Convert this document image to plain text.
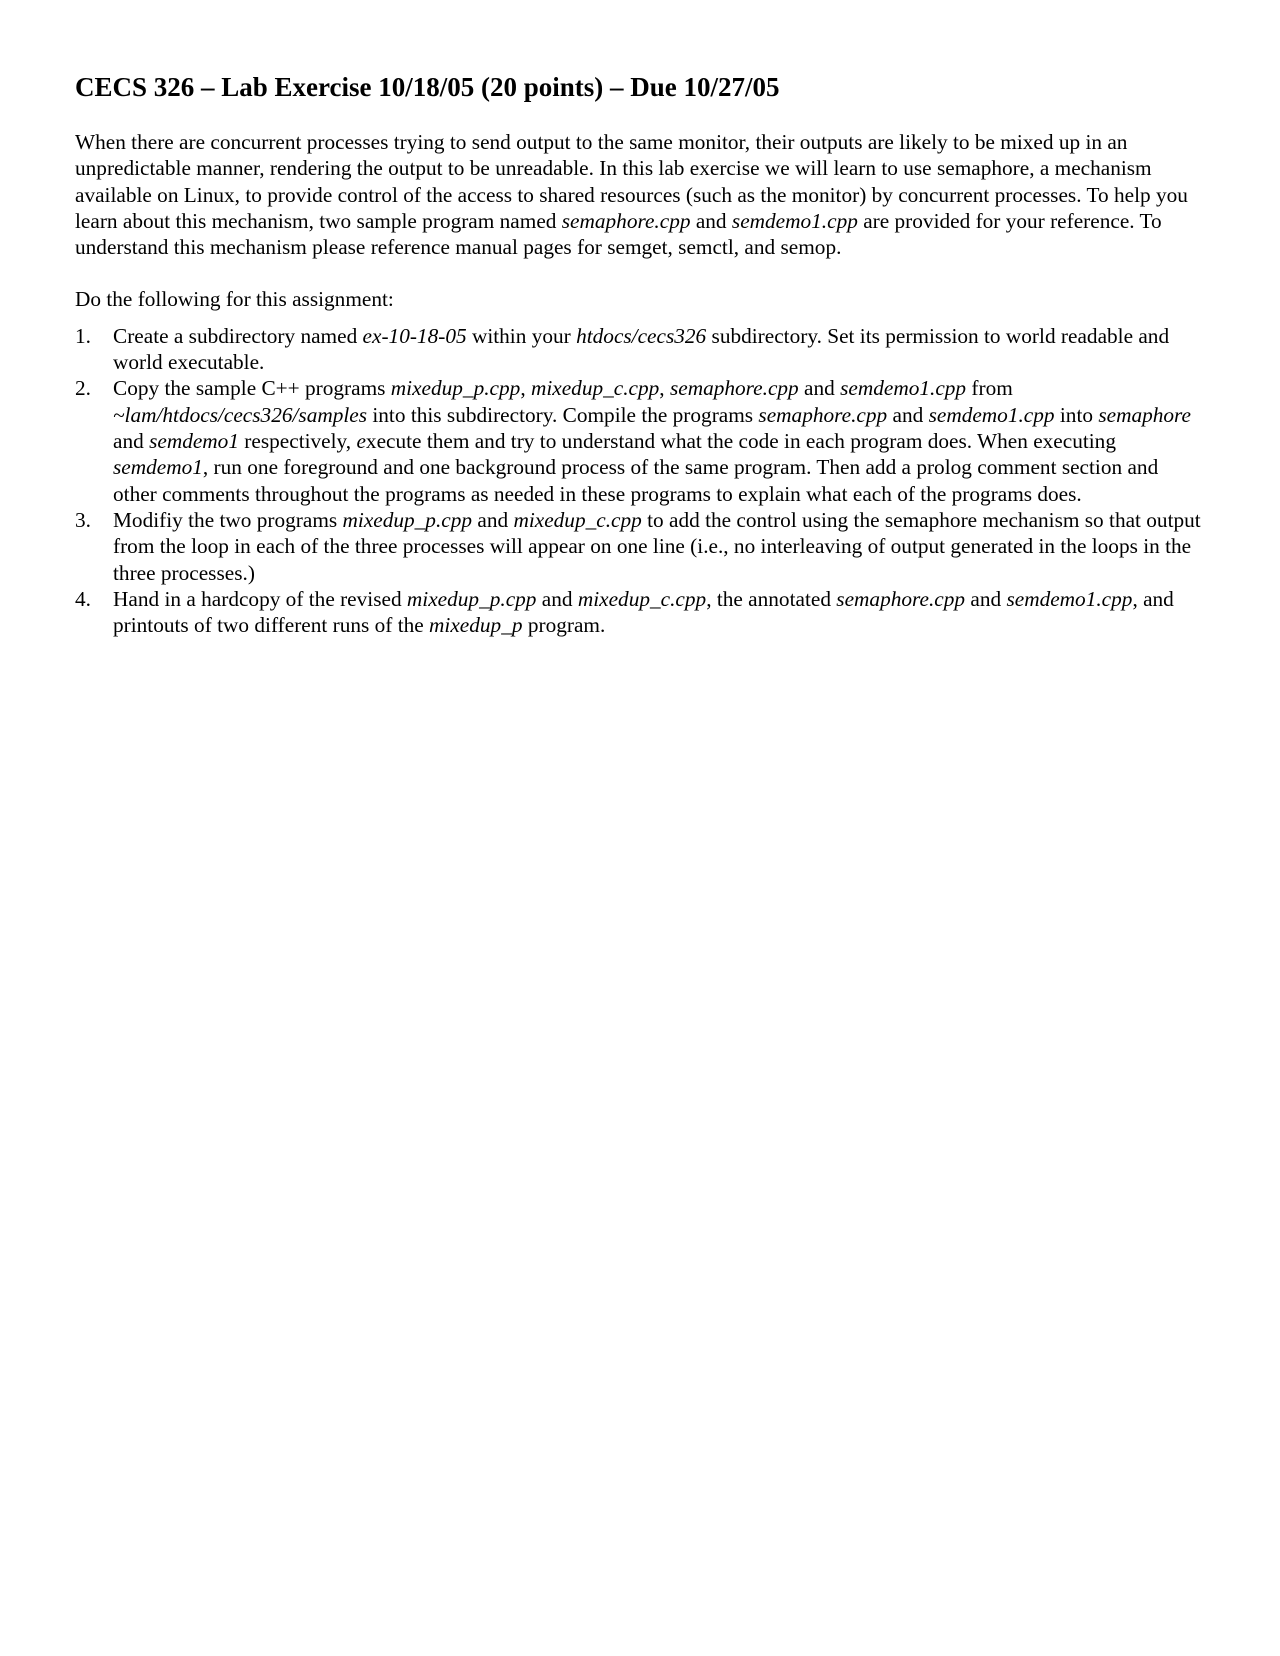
CECS 326 – Lab Exercise 10/18/05 (20 points) – Due 10/27/05

When there are concurrent processes trying to send output to the same monitor, their outputs are likely to be mixed up in an unpredictable manner, rendering the output to be unreadable. In this lab exercise we will learn to use semaphore, a mechanism available on Linux, to provide control of the access to shared resources (such as the monitor) by concurrent processes. To help you learn about this mechanism, two sample program named semaphore.cpp and semdemo1.cpp are provided for your reference. To understand this mechanism please reference manual pages for semget, semctl, and semop.

Do the following for this assignment:

1. Create a subdirectory named ex-10-18-05 within your htdocs/cecs326 subdirectory. Set its permission to world readable and world executable.
2. Copy the sample C++ programs mixedup_p.cpp, mixedup_c.cpp, semaphore.cpp and semdemo1.cpp from ~lam/htdocs/cecs326/samples into this subdirectory. Compile the programs semaphore.cpp and semdemo1.cpp into semaphore and semdemo1 respectively, execute them and try to understand what the code in each program does. When executing semdemo1, run one foreground and one background process of the same program. Then add a prolog comment section and other comments throughout the programs as needed in these programs to explain what each of the programs does.
3. Modifiy the two programs mixedup_p.cpp and mixedup_c.cpp to add the control using the semaphore mechanism so that output from the loop in each of the three processes will appear on one line (i.e., no interleaving of output generated in the loops in the three processes.)
4. Hand in a hardcopy of the revised mixedup_p.cpp and mixedup_c.cpp, the annotated semaphore.cpp and semdemo1.cpp, and printouts of two different runs of the mixedup_p program.
